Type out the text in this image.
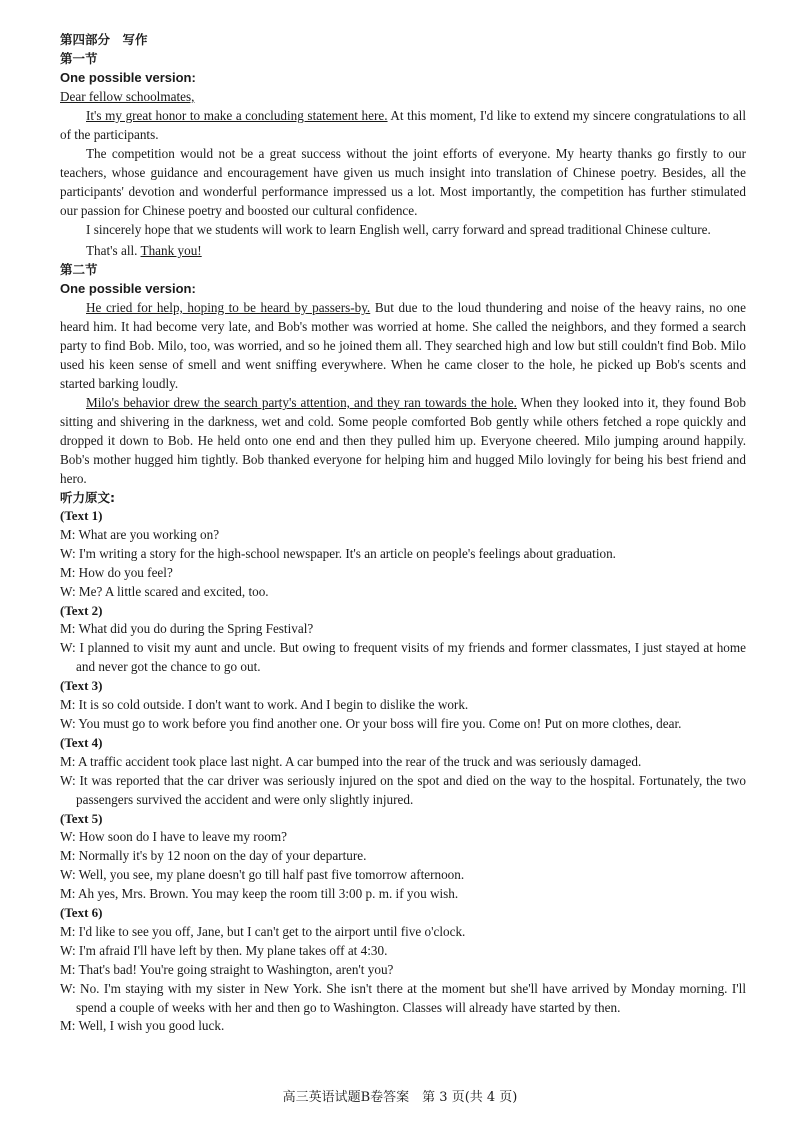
第四部分　写作

第一节

One possible version:

Dear fellow schoolmates,

It's my great honor to make a concluding statement here. At this moment, I'd like to extend my sincere congratulations to all of the participants.

The competition would not be a great success without the joint efforts of everyone. My hearty thanks go firstly to our teachers, whose guidance and encouragement have given us much insight into translation of Chinese poetry. Besides, all the participants' devotion and wonderful performance impressed us a lot. Most importantly, the competition has further stimulated our passion for Chinese poetry and boosted our cultural confidence.

I sincerely hope that we students will work to learn English well, carry forward and spread traditional Chinese culture.

That's all. Thank you!

第二节

One possible version:

He cried for help, hoping to be heard by passers-by. But due to the loud thundering and noise of the heavy rains, no one heard him. It had become very late, and Bob's mother was worried at home. She called the neighbors, and they formed a search party to find Bob. Milo, too, was worried, and so he joined them all. They searched high and low but still couldn't find Bob. Milo used his keen sense of smell and went sniffing everywhere. When he came closer to the hole, he picked up Bob's scents and started barking loudly.

Milo's behavior drew the search party's attention, and they ran towards the hole. When they looked into it, they found Bob sitting and shivering in the darkness, wet and cold. Some people comforted Bob gently while others fetched a rope quickly and dropped it down to Bob. He held onto one end and then they pulled him up. Everyone cheered. Milo jumping around happily. Bob's mother hugged him tightly. Bob thanked everyone for helping him and hugged Milo lovingly for being his best friend and hero.

听力原文:

(Text 1)

M: What are you working on?

W: I'm writing a story for the high-school newspaper. It's an article on people's feelings about graduation.

M: How do you feel?

W: Me? A little scared and excited, too.

(Text 2)

M: What did you do during the Spring Festival?

W: I planned to visit my aunt and uncle. But owing to frequent visits of my friends and former classmates, I just stayed at home and never got the chance to go out.

(Text 3)

M: It is so cold outside. I don't want to work. And I begin to dislike the work.

W: You must go to work before you find another one. Or your boss will fire you. Come on! Put on more clothes, dear.

(Text 4)

M: A traffic accident took place last night. A car bumped into the rear of the truck and was seriously damaged.

W: It was reported that the car driver was seriously injured on the spot and died on the way to the hospital. Fortunately, the two passengers survived the accident and were only slightly injured.

(Text 5)

W: How soon do I have to leave my room?

M: Normally it's by 12 noon on the day of your departure.

W: Well, you see, my plane doesn't go till half past five tomorrow afternoon.

M: Ah yes, Mrs. Brown. You may keep the room till 3:00 p. m. if you wish.

(Text 6)

M: I'd like to see you off, Jane, but I can't get to the airport until five o'clock.

W: I'm afraid I'll have left by then. My plane takes off at 4:30.

M: That's bad! You're going straight to Washington, aren't you?

W: No. I'm staying with my sister in New York. She isn't there at the moment but she'll have arrived by Monday morning. I'll spend a couple of weeks with her and then go to Washington. Classes will already have started by then.

M: Well, I wish you good luck.

高三英语试题B卷答案　第 3 页(共 4 页)
